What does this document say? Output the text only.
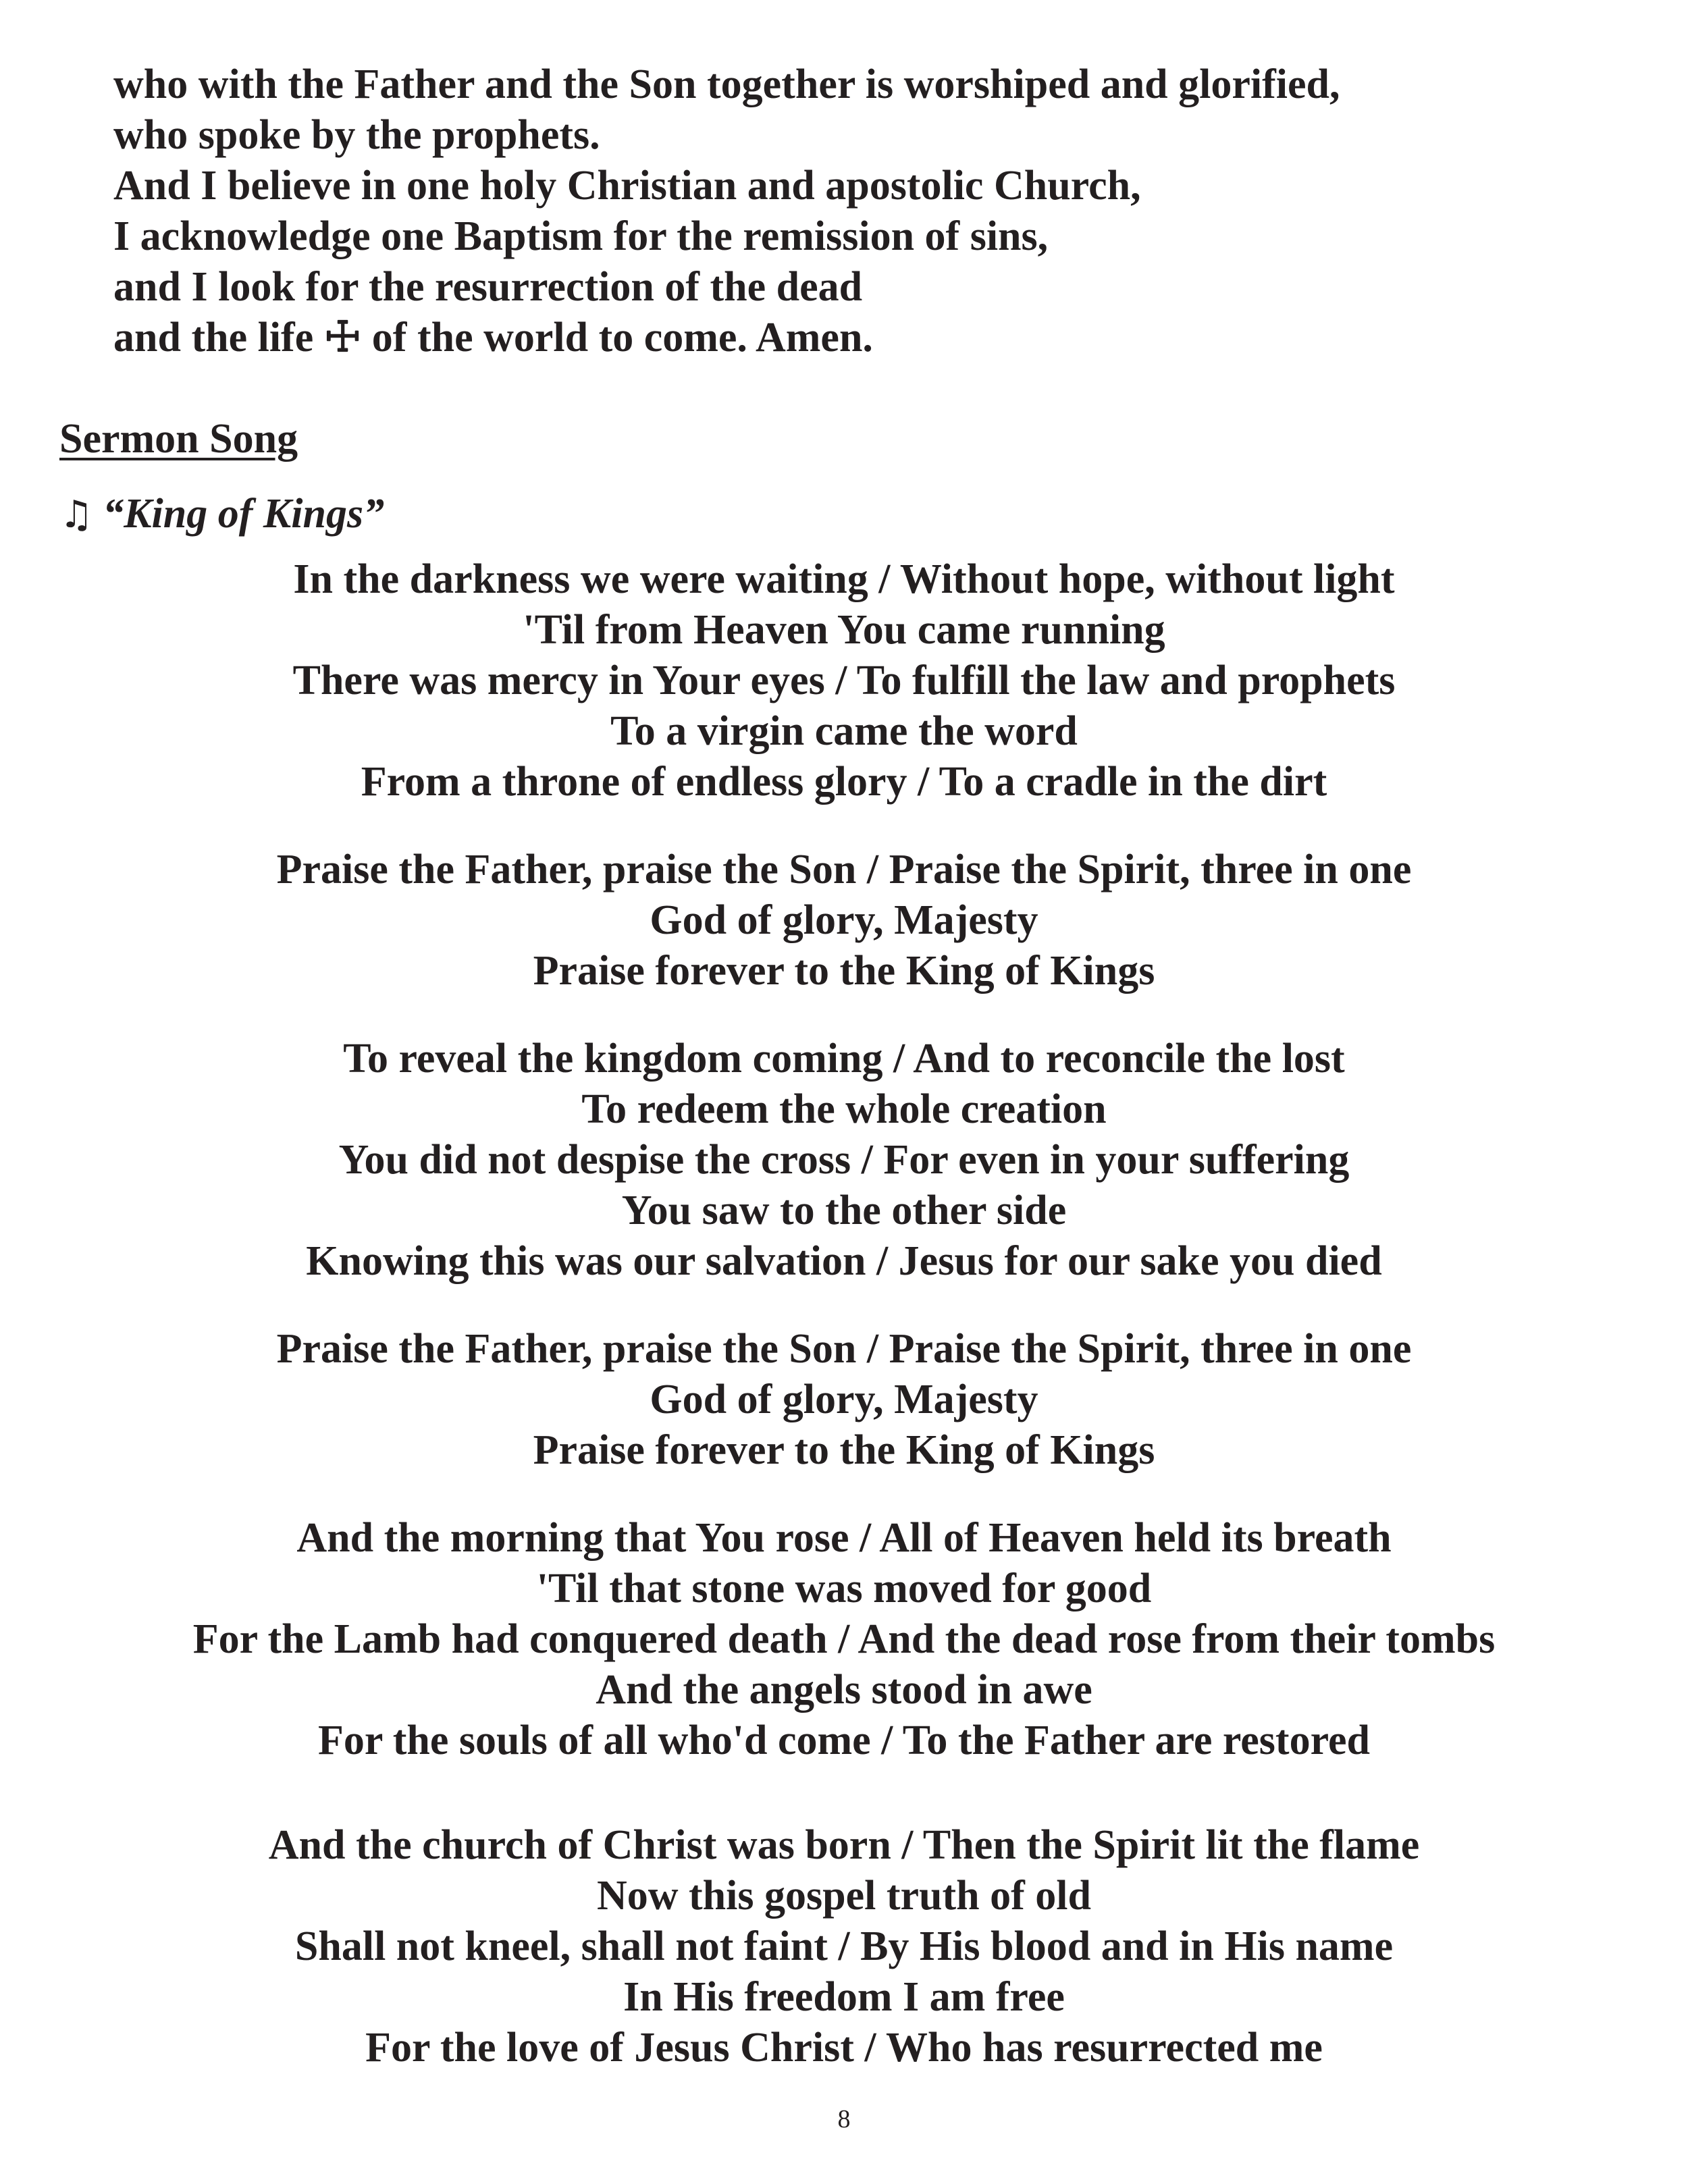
who with the Father and the Son together is worshiped and glorified,
who spoke by the prophets.
And I believe in one holy Christian and apostolic Church,
I acknowledge one Baptism for the remission of sins,
and I look for the resurrection of the dead
and the life ☩ of the world to come. Amen.
Sermon Song
♫ “King of Kings”
In the darkness we were waiting / Without hope, without light
'Til from Heaven You came running
There was mercy in Your eyes / To fulfill the law and prophets
To a virgin came the word
From a throne of endless glory / To a cradle in the dirt
Praise the Father, praise the Son / Praise the Spirit, three in one
God of glory, Majesty
Praise forever to the King of Kings
To reveal the kingdom coming / And to reconcile the lost
To redeem the whole creation
You did not despise the cross / For even in your suffering
You saw to the other side
Knowing this was our salvation / Jesus for our sake you died
Praise the Father, praise the Son / Praise the Spirit, three in one
God of glory, Majesty
Praise forever to the King of Kings
And the morning that You rose / All of Heaven held its breath
'Til that stone was moved for good
For the Lamb had conquered death / And the dead rose from their tombs
And the angels stood in awe
For the souls of all who'd come / To the Father are restored
And the church of Christ was born / Then the Spirit lit the flame
Now this gospel truth of old
Shall not kneel, shall not faint / By His blood and in His name
In His freedom I am free
For the love of Jesus Christ / Who has resurrected me
8
